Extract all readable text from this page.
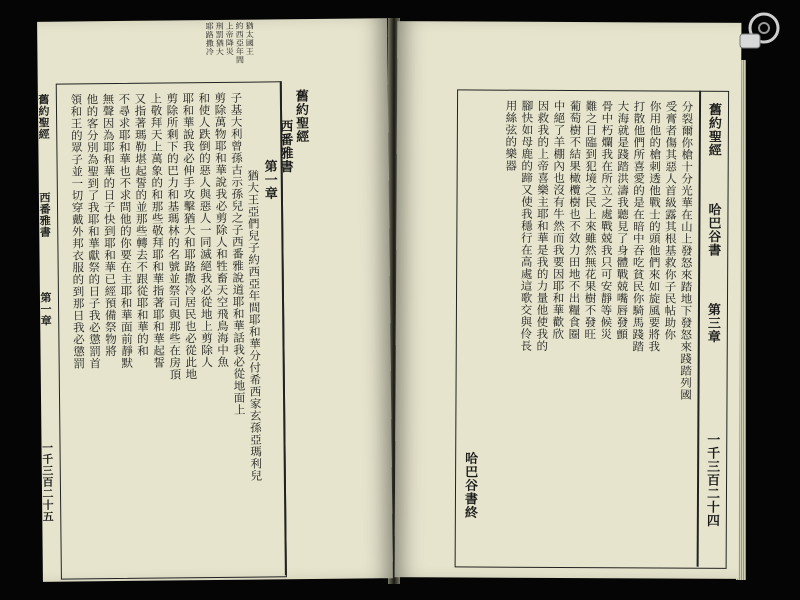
猶太國王
約西亞年間
上帝降災
刑罰猶大
耶路撒冷
舊約聖經
西番雅書
第一章
猶大王亞們兒子約西亞年間耶和華分付希西家玄孫亞瑪利兒
子基大利曾孫古示孫兒之子西番雅說道耶和華話我必從地面上
剪除萬物耶和華說我必剪除人和牲畜天空飛鳥海中魚
和使人跌倒的惡人與惡人一同滅絕我必從地上剪除人
耶和華說我必伸手攻擊猶大和耶路撒冷居民也必從此地
剪除所剩下的巴力和基瑪林的名號並祭司與那些在房頂
上敬拜天上萬象的和那些敬拜耶和華指著耶和華起誓
又指著瑪勒堪起誓的並那些轉去不跟從耶和華的和
不尋求耶和華也不求問他的你要在主耶和華面前靜默
無聲因為耶和華的日子快到耶和華已經預備祭物將
他的客分別為聖到了我耶和華獻祭的日子我必懲罰首
領和王的眾子並一切穿戴外邦衣服的到那日我必懲罰
舊約聖經
西番雅書
第一章
一千三百二十五
舊約聖經
哈巴谷書
第三章
一千三百二十四
分裂爾你槍十分光華在山上發怒來踏地下發怒來踐踏列國
受膏者傷其惡人首級露其根基救你子民帖助你
你用他的槍刺透他戰士的頭他們來如旋風要將我
打散他們所喜愛的是在暗中吞吃貧民你騎馬踐踏
大海就是踐踏洪濤我聽見了身體戰兢嘴唇發顫
骨中朽爛我在所立之處戰兢我只可安靜等候災
難之日臨到犯境之民上來雖然無花果樹不發旺
葡萄樹不結果橄欖樹也不效力田地不出糧食圈
中絕了羊棚內也沒有牛然而我要因耶和華歡欣
因救我的上帝喜樂主耶和華是我的力量他使我的
腳快如母鹿的蹄又使我穩行在高處這歌交與伶長
用絲弦的樂器
哈巴谷書終
